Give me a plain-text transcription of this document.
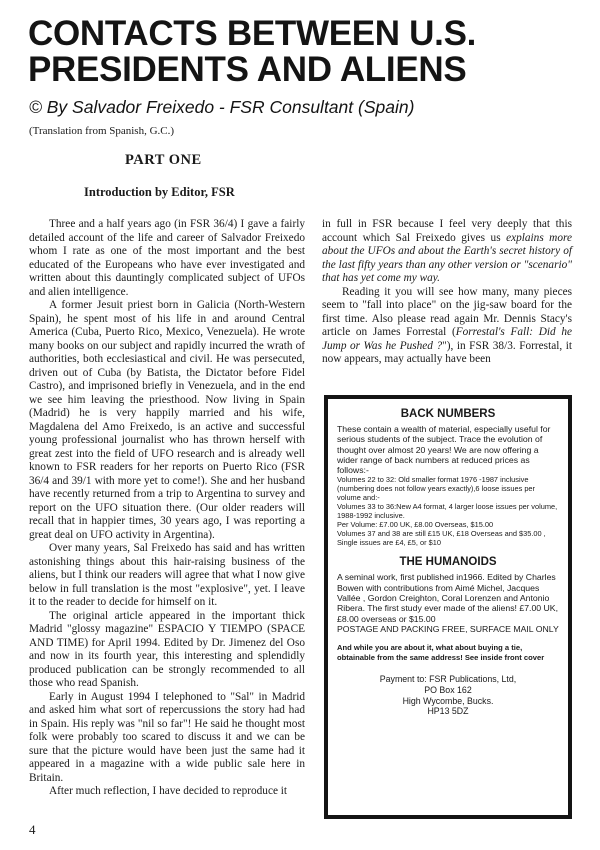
CONTACTS BETWEEN U.S.
PRESIDENTS AND ALIENS
© By Salvador Freixedo - FSR Consultant (Spain)
(Translation from Spanish, G.C.)
PART ONE
Introduction by Editor, FSR

Three and a half years ago (in FSR 36/4) I gave a fairly detailed account of the life and career of Salvador Freixedo whom I rate as one of the most important and the best educated of the Europeans who have ever investigated and written about this dauntingly complicated subject of UFOs and alien intelligence.

A former Jesuit priest born in Galicia (North-Western Spain), he spent most of his life in and around Central America (Cuba, Puerto Rico, Mexico, Venezuela). He wrote many books on our subject and rapidly incurred the wrath of authorities, both ecclesiastical and civil. He was persecuted, driven out of Cuba (by Batista, the Dictator before Fidel Castro), and imprisoned briefly in Venezuela, and in the end we see him leaving the priesthood. Now living in Spain (Madrid) he is very happily married and his wife, Magdalena del Amo Freixedo, is an active and successful young professional journalist who has thrown herself with great zest into the field of UFO research and is already well known to FSR readers for her reports on Puerto Rico (FSR 36/4 and 39/1 with more yet to come!). She and her husband have recently returned from a trip to Argentina to survey and report on the UFO situation there. (Our older readers will recall that in happier times, 30 years ago, I was reporting a great deal on UFO activity in Argentina).

Over many years, Sal Freixedo has said and has written astonishing things about this hair-raising business of the aliens, but I think our readers will agree that what I now give below in full translation is the most "explosive", yet. I leave it to the reader to decide for himself on it.

The original article appeared in the important thick Madrid "glossy magazine" ESPACIO Y TIEMPO (SPACE AND TIME) for April 1994. Edited by Dr. Jimenez del Oso and now in its fourth year, this interesting and splendidly produced publication can be strongly recommended to all those who read Spanish.

Early in August 1994 I telephoned to "Sal" in Madrid and asked him what sort of repercussions the story had had in Spain. His reply was "nil so far"! He said he thought most folk were probably too scared to discuss it and we can be sure that the picture would have been just the same had it appeared in a magazine with a wide public sale here in Britain.

After much reflection, I have decided to reproduce it

in full in FSR because I feel very deeply that this account which Sal Freixedo gives us explains more about the UFOs and about the Earth's secret history of the last fifty years than any other version or "scenario" that has yet come my way.

Reading it you will see how many, many pieces seem to "fall into place" on the jig-saw board for the first time. Also please read again Mr. Dennis Stacy's article on James Forrestal (Forrestal's Fall: Did he Jump or Was he Pushed ?"), in FSR 38/3. Forrestal, it now appears, may actually have been

BACK NUMBERS
These contain a wealth of material, especially useful for serious students of the subject. Trace the evolution of thought over almost 20 years! We are now offering a wider range of back numbers at reduced prices as follows:-
Volumes 22 to 32: Old smaller format 1976 -1987 inclusive (numbering does not follow years exactly),6 loose issues per volume and:-
Volumes 33 to 36:New A4 format, 4 larger loose issues per volume, 1988-1992 inclusive.
Per Volume: £7.00 UK, £8.00 Overseas, $15.00
Volumes 37 and 38 are still £15 UK, £18 Overseas and $35.00 , Single issues are £4, £5, or $10
THE HUMANOIDS
A seminal work, first published in1966. Edited by Charles Bowen with contributions from Aimé Michel, Jacques Vallée , Gordon Creighton, Coral Lorenzen and Antonio Ribera. The first study ever made of the aliens! £7.00 UK, £8.00 overseas or $15.00
POSTAGE AND PACKING FREE, SURFACE MAIL ONLY
And while you are about it, what about buying a tie, obtainable from the same address! See inside front cover
Payment to: FSR Publications, Ltd,
PO Box 162
High Wycombe, Bucks.
HP13 5DZ
4
